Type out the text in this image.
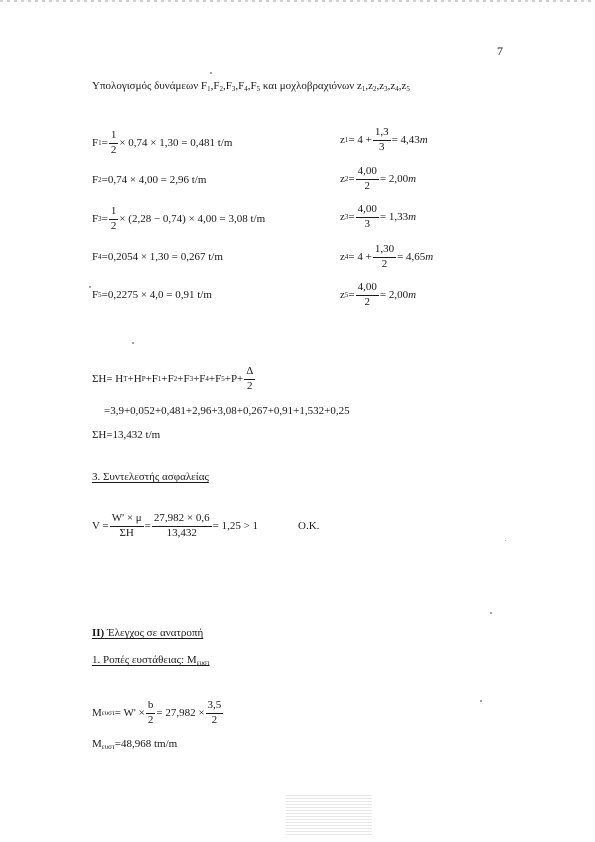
7
Υπολογισμός δυνάμεων $F_1,F_2,F_3,F_4,F_5$ και μοχλοβραχιόνων $z_1,z_2,z_3,z_4,z_5$
F $1 = \frac{1}{2} \times 0,74 \times 1,30 = 0,481$ t/m
F 2 = 0,74 × 4,00 = 2,96 t/m
F $3 = \frac{1}{2} \times (2,28 - 0,74) \times 4,00 = 3,08$ t/m
F 4 = 0,2054 × 1,30 = 0,267 t/m
F 5 = 0,2275 × 4,0 = 0,91 t/m
z $1 = 4 + \frac{1,3}{3} = 4,43$ m
z $2 = \frac{4,00}{2} = 2,00$ m
z $3 = \frac{4,00}{3} = 1,33$ m
z $4 = 4 + \frac{1,30}{2} = 4,65$ m
z $5 = \frac{4,00}{2} = 2,00$ m
ΣΗ= Η Τ +Η Ρ +F 1 +F 2 +F 3 +F 4 +F $5 +P+ \frac{\Delta}{2}$
=3,9+0,052+0,481+2,96+3,08+0,267+0,91+1,532+0,25
ΣΗ=13,432 t/m
3. Συντελεστής ασφαλείας
$V = \frac{W' \times \mu}{\Sigma H} = \frac{27,982 \times 0,6}{13,432} = 1,25 > 1$	O.K.
ΙΙ) Έλεγχος σε ανατροπή
1. Ροπές ευστάθειας: $M_{\varepsilon\upsilon\sigma\tau}$
Μ $\varepsilon\upsilon\sigma\tau = W' \times \frac{b}{2} = 27,982 \times \frac{3,5}{2}$
$M_{\varepsilon\upsilon\sigma\tau}=48,968$ tm/m
